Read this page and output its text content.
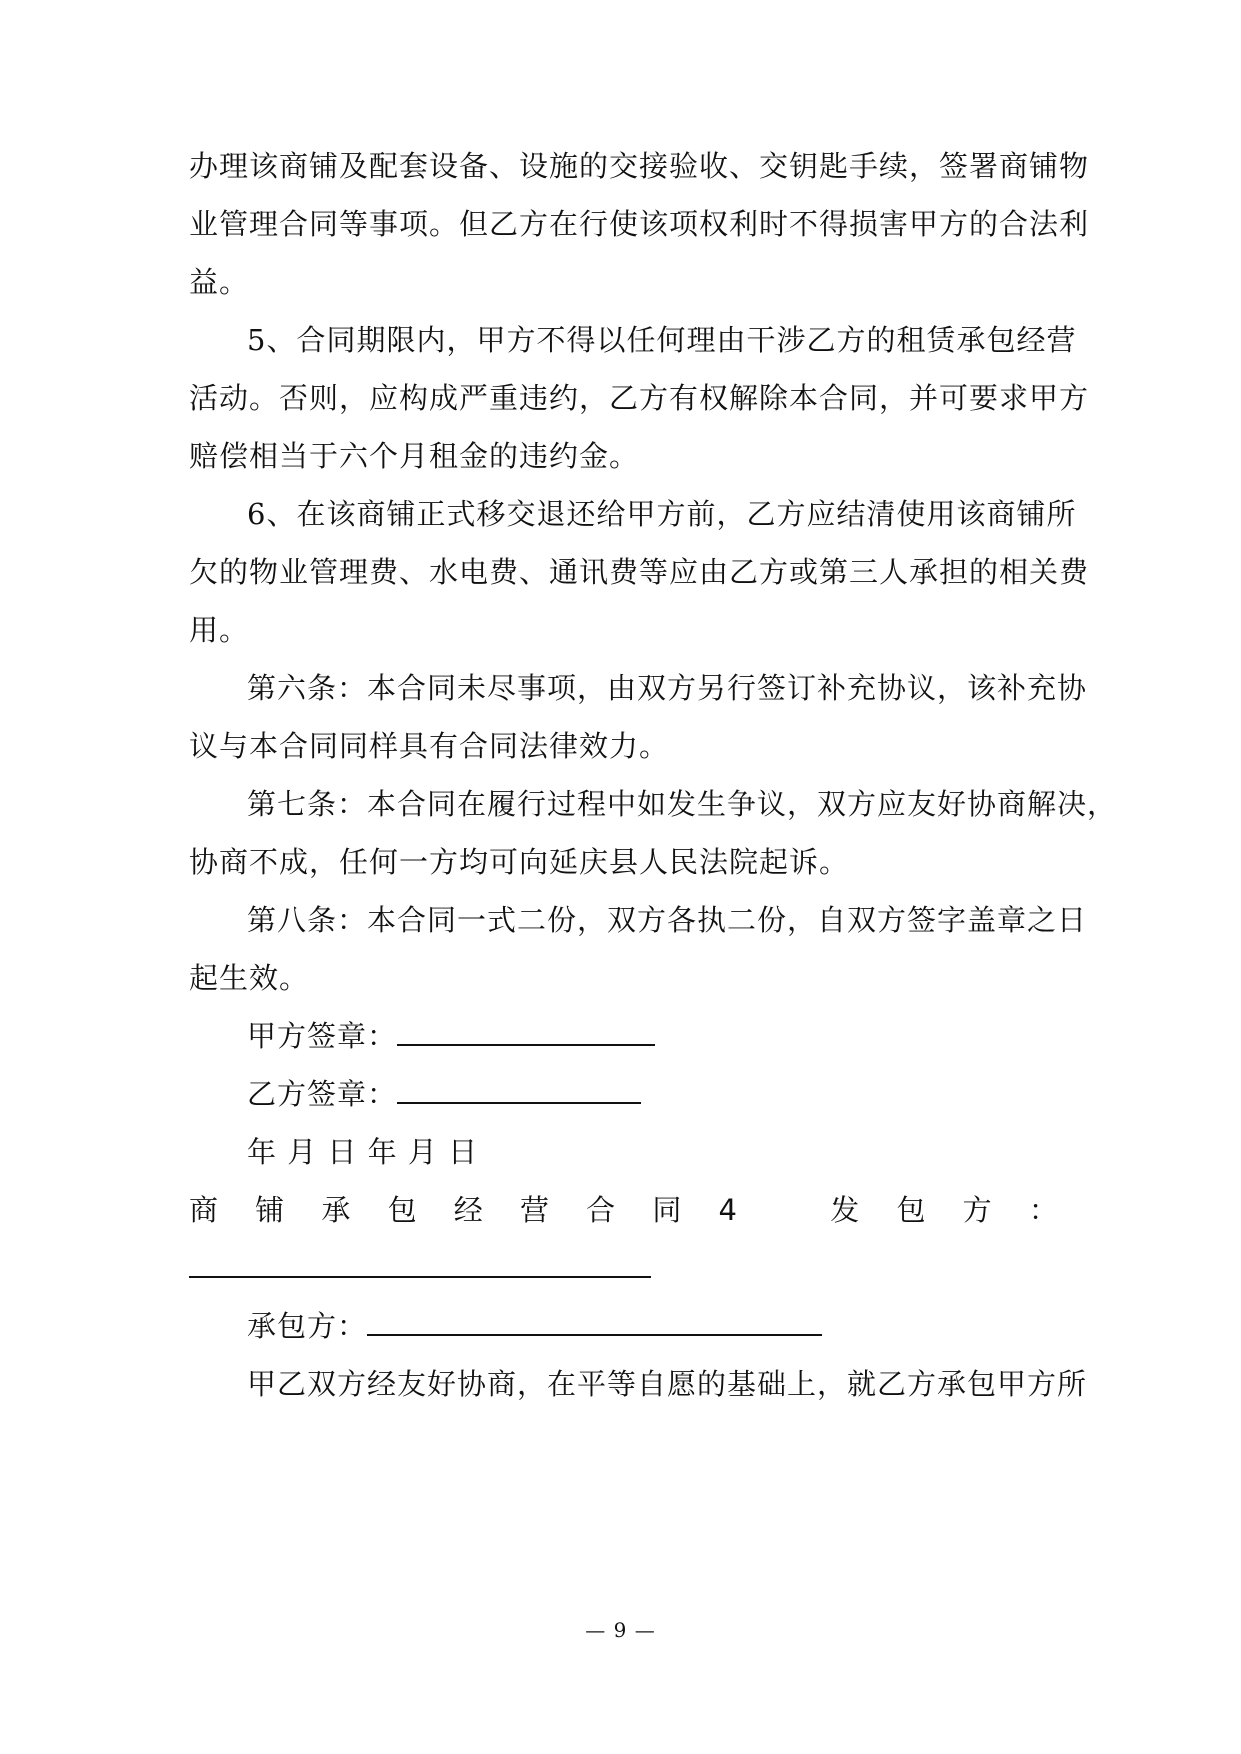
办理该商铺及配套设备、设施的交接验收、交钥匙手续，签署商铺物
业管理合同等事项。但乙方在行使该项权利时不得损害甲方的合法利
益。
5、合同期限内，甲方不得以任何理由干涉乙方的租赁承包经营
活动。否则，应构成严重违约，乙方有权解除本合同，并可要求甲方
赔偿相当于六个月租金的违约金。
6、在该商铺正式移交退还给甲方前，乙方应结清使用该商铺所
欠的物业管理费、水电费、通讯费等应由乙方或第三人承担的相关费
用。
第六条：本合同未尽事项，由双方另行签订补充协议，该补充协
议与本合同同样具有合同法律效力。
第七条：本合同在履行过程中如发生争议，双方应友好协商解决，
协商不成，任何一方均可向延庆县人民法院起诉。
第八条：本合同一式二份，双方各执二份，自双方签字盖章之日
起生效。
甲方签章：
乙方签章：
年 月 日 年 月 日
商 铺 承 包 经 营 合 同 4	发 包 方 ：
承包方：
甲乙双方经友好协商，在平等自愿的基础上，就乙方承包甲方所
— 9 —
